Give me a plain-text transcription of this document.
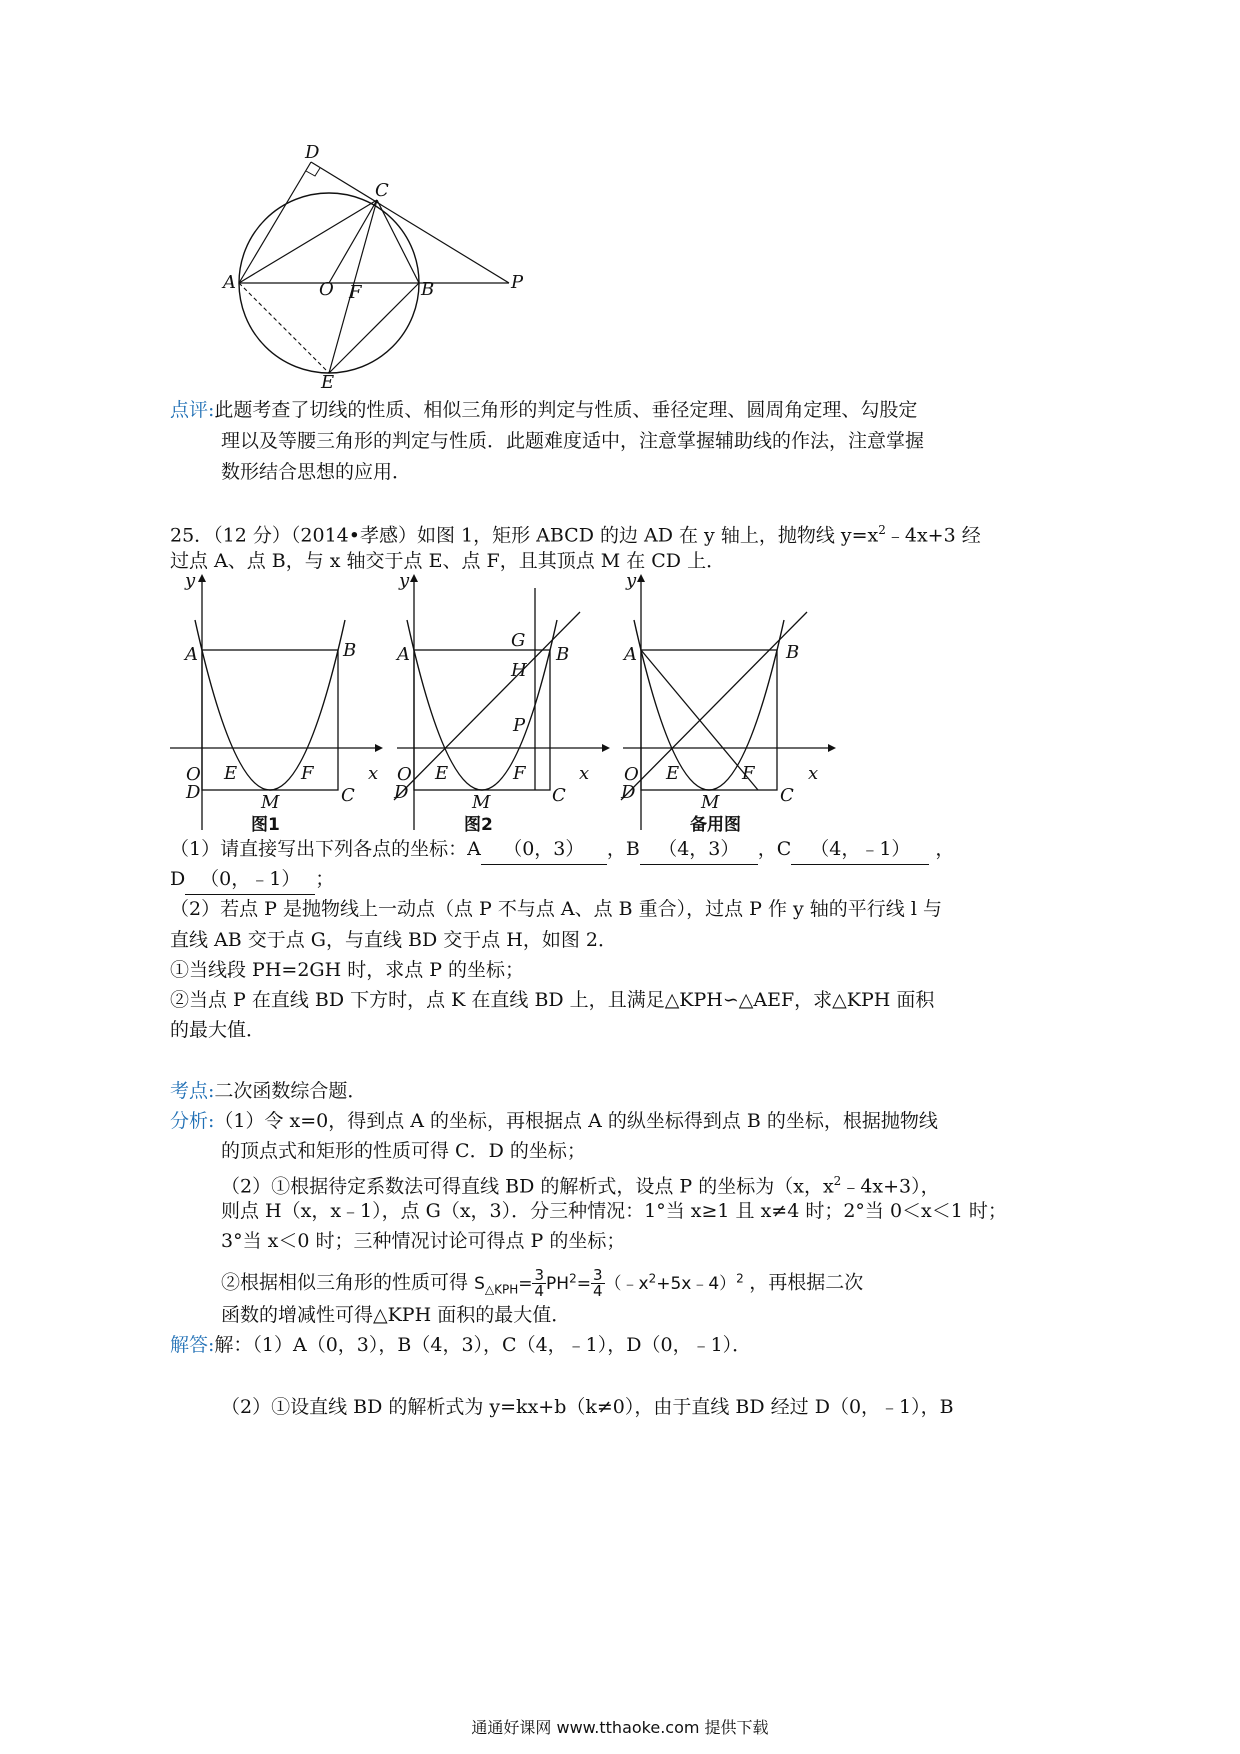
D
C
A	O F	B	P
E
点评:此题考查了切线的性质、相似三角形的判定与性质、垂径定理、圆周角定理、勾股定
理以及等腰三角形的判定与性质．此题难度适中，注意掌握辅助线的作法，注意掌握
数形结合思想的应用．
25．（12 分）（2014•孝感）如图 1，矩形 ABCD 的边 AD 在 y 轴上，抛物线 $y=x^2﹣4x+3$ 经
过点 A、点 B，与 x 轴交于点 E、点 F，且其顶点 M 在 CD 上．
y
A	B
O
D
E	F	x
C
M
图1
y
A
G
H
B
P
O
D
E	F	x
C
M
图2
y
A	B
O
D
E	F	x
C
M
备用图
（1）请直接写出下列各点的坐标：A （0，3） ，B （4，3） ，C （4，﹣1） ，
D （0，﹣1） ；
（2）若点 P 是抛物线上一动点（点 P 不与点 A、点 B 重合），过点 P 作 y 轴的平行线 l 与
直线 AB 交于点 G，与直线 BD 交于点 H，如图 2．
①当线段 PH=2GH 时，求点 P 的坐标；
②当点 P 在直线 BD 下方时，点 K 在直线 BD 上，且满足△KPH∽△AEF，求△KPH 面积
的最大值．
考点:二次函数综合题．
分析:（1）令 x=0，得到点 A 的坐标，再根据点 A 的纵坐标得到点 B 的坐标，根据抛物线
的顶点式和矩形的性质可得 C．D 的坐标；
（2）①根据待定系数法可得直线 BD 的解析式，设点 P 的坐标为（x，$x^2﹣4x+3$），
则点 H（x，x﹣1），点 G（x，3）．分三种情况：1°当 x≥1 且 x≠4 时；2°当 0＜x＜1 时；
3°当 x＜0 时；三种情况讨论可得点 P 的坐标；
②根据相似三角形的性质可得 $S_{\triangle KPH}= \frac{3}{4} PH^2= \frac{3}{4}$ $(﹣x^2+5x﹣4)^2$ ，再根据二次
函数的增减性可得△KPH 面积的最大值．
解答:解：（1）A（0，3），B（4，3），C（4，﹣1），D（0，﹣1）．
（2）①设直线 BD 的解析式为 y=kx+b（k≠0），由于直线 BD 经过 D（0，﹣1），B
通通好课网 www.tthaoke.com 提供下载
